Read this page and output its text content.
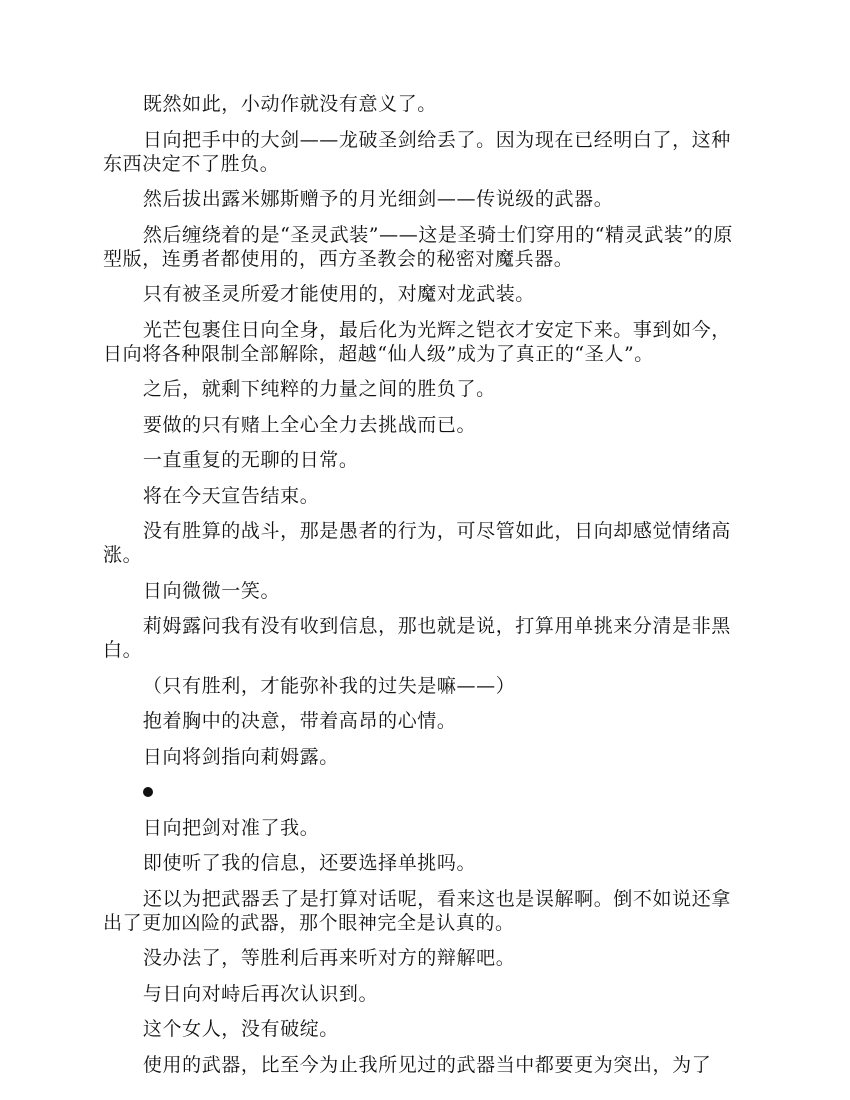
既然如此，小动作就没有意义了。

日向把手中的大剑——龙破圣剑给丢了。因为现在已经明白了，这种东西决定不了胜负。

然后拔出露米娜斯赠予的月光细剑——传说级的武器。

然后缠绕着的是“圣灵武装”——这是圣骑士们穿用的“精灵武装”的原型版，连勇者都使用的，西方圣教会的秘密对魔兵器。

只有被圣灵所爱才能使用的，对魔对龙武装。

光芒包裹住日向全身，最后化为光辉之铠衣才安定下来。事到如今，日向将各种限制全部解除，超越“仙人级”成为了真正的“圣人”。

之后，就剩下纯粹的力量之间的胜负了。

要做的只有赌上全心全力去挑战而已。

一直重复的无聊的日常。

将在今天宣告结束。

没有胜算的战斗，那是愚者的行为，可尽管如此，日向却感觉情绪高涨。

日向微微一笑。

莉姆露问我有没有收到信息，那也就是说，打算用单挑来分清是非黑白。

（只有胜利，才能弥补我的过失是嘛——）

抱着胸中的决意，带着高昂的心情。

日向将剑指向莉姆露。

日向把剑对准了我。

即使听了我的信息，还要选择单挑吗。

还以为把武器丢了是打算对话呢，看来这也是误解啊。倒不如说还拿出了更加凶险的武器，那个眼神完全是认真的。

没办法了，等胜利后再来听对方的辩解吧。

与日向对峙后再次认识到。

这个女人，没有破绽。

使用的武器，比至今为止我所见过的武器当中都要更为突出，为了
